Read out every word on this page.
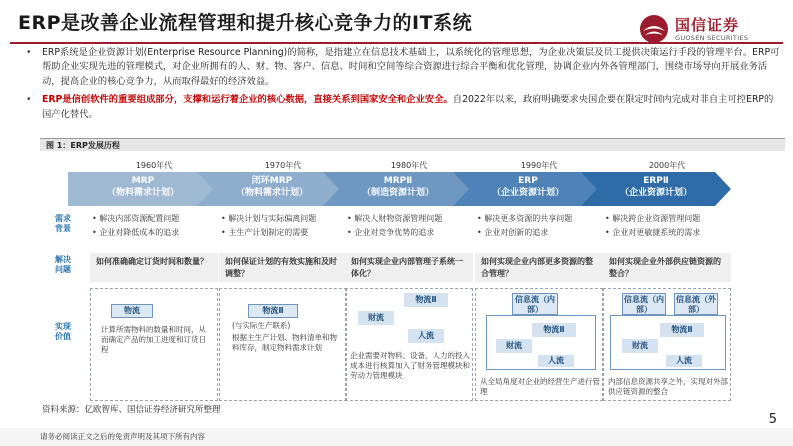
ERP是改善企业流程管理和提升核心竞争力的IT系统	国信证券
GUOSEN SECURITIES
• ERP系统是企业资源计划(Enterprise Resource Planning)的简称，是指建立在信息技术基础上，以系统化的管理思想，为企业决策层及员工提供决策运行手段的管理平台。ERP可帮助企业实现先进的管理模式，对企业所拥有的人、财、物、客户、信息、时间和空间等综合资源进行综合平衡和优化管理，协调企业内外各管理部门，围绕市场导向开展业务活动，提高企业的核心竞争力，从而取得最好的经济效益。
• ERP是信创软件的重要组成部分，支撑和运行着企业的核心数据，直接关系到国家安全和企业安全。自2022年以来，政府明确要求央国企要在限定时间内完成对非自主可控ERP的国产化替代。
图 1：ERP发展历程
1960年代
MRP
（物料需求计划）
1970年代
闭环MRP
（物料需求计划）
1980年代
MRPⅡ
（制造资源计划）
1990年代
ERP
（企业资源计划）
2000年代
ERPⅡ
（企业资源计划）
需求背景
解决问题
实现价值
• 解决内部资源配置问题
• 企业对降低成本的追求
如何准确确定订货时间和数量？
• 解决计划与实际偏离问题
• 主生产计划制定的需要
如何保证计划的有效实施和及时调整？
• 解决人财物资源管理问题
• 企业对竞争优势的追求
如何实现企业内部管理子系统一体化？
• 解决更多资源的共享问题
• 企业对创新的追求
如何实现企业内部更多资源的整合管理？
• 解决跨企业资源管理问题
• 企业对更敏捷系统的需求
如何实现企业外部供应链资源的整合？
物流
计算所需物料的数量和时间，从而确定产品的加工进度和订货日程
物流Ⅱ
(与实际生产联系)
根据主生产计划、物料清单和物料库存，制定物料需求计划
物流Ⅱ
财流
人流
企业需要对物料、设备、人力的投入成本进行核算加入了财务管理模块和劳动力管理模块
信息流（内部）
物流Ⅱ
财流
人流
从全局角度对企业的经营生产进行管理
信息流（内部）
信息流（外部）
物流Ⅱ
财流
人流
内部信息资源共享之外，实现对外部供应链资源的整合
资料来源：亿欧智库、国信证券经济研究所整理
5
请务必阅读正文之后的免责声明及其项下所有内容
